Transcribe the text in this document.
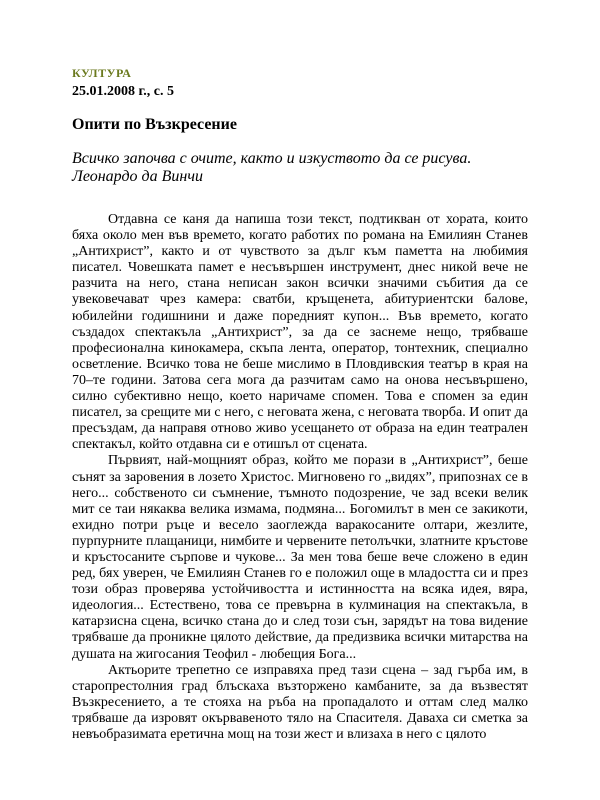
КУЛТУРА
25.01.2008 г., с. 5
Опити по Възкресение
Всичко започва с очите, както и изкуството да се рисува.
Леонардо да Винчи

Отдавна се каня да напиша този текст, подтикван от хората, които бяха около мен във времето, когато работих по романа на Емилиян Станев „Антихрист”, както и от чувството за дълг към паметта на любимия писател. Човешката памет е несъвършен инструмент, днес никой вече не разчита на него, стана неписан закон всички значими събития да се увековечават чрез камера: сватби, кръщенета, абитуриентски балове, юбилейни годишнини и даже поредният купон... Във времето, когато създадох спектакъла „Антихрист”, за да се заснеме нещо, трябваше професионална кинокамера, скъпа лента, оператор, тонтехник, специално осветление. Всичко това не беше мислимо в Пловдивския театър в края на 70–те години. Затова сега мога да разчитам само на онова несъвършено, силно субективно нещо, което наричаме спомен. Това е спомен за един писател, за срещите ми с него, с неговата жена, с неговата творба. И опит да пресъздам, да направя отново живо усещането от образа на един театрален спектакъл, който отдавна си е отишъл от сцената.

Първият, най-мощният образ, който ме порази в „Антихрист”, беше сънят за заровения в лозето Христос. Мигновено го „видях”, припознах се в него... собственото си съмнение, тъмното подозрение, че зад всеки велик мит се таи някаква велика измама, подмяна... Богомилът в мен се закикоти, ехидно потри ръце и весело заоглежда варакосаните олтари, жезлите, пурпурните плащаници, нимбите и червените петолъчки, златните кръстове и кръстосаните сърпове и чукове... За мен това беше вече сложено в един ред, бях уверен, че Емилиян Станев го е положил още в младостта си и през този образ проверява устойчивостта и истинността на всяка идея, вяра, идеология... Естествено, това се превърна в кулминация на спектакъла, в катарзисна сцена, всичко стана до и след този сън, зарядът на това видение трябваше да проникне цялото действие, да предизвика всички митарства на душата на жигосания Теофил - любещия Бога...

Актьорите трепетно се изправяха пред тази сцена – зад гърба им, в старопрестолния град блъскаха възторжено камбаните, за да възвестят Възкресението, а те стояха на ръба на пропадалото и оттам след малко трябваше да изровят окървавеното тяло на Спасителя. Даваха си сметка за невъобразимата еретична мощ на този жест и влизаха в него с цялото
